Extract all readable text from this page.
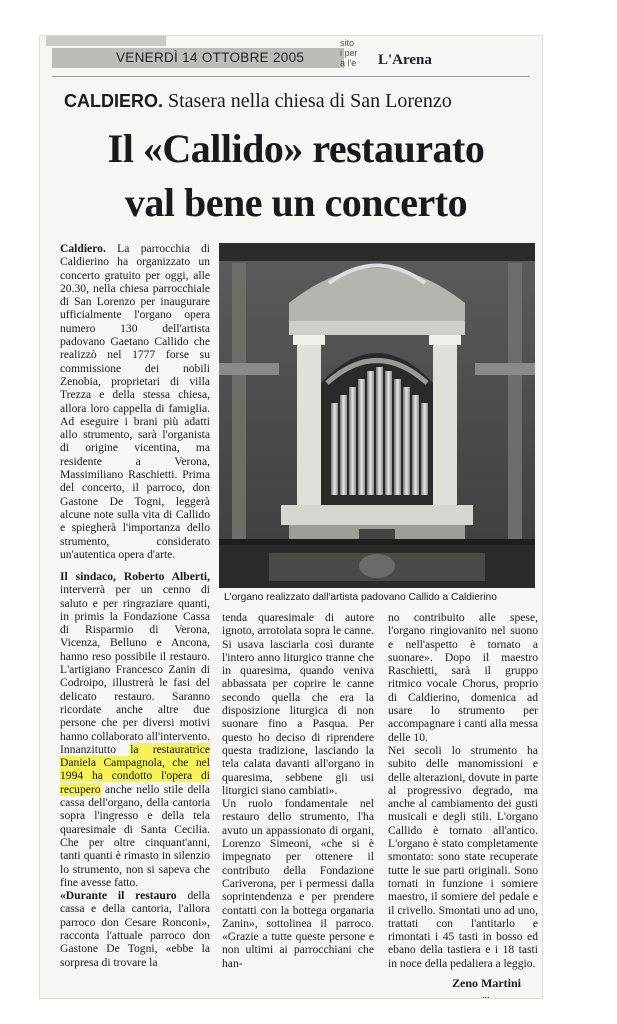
VENERDÌ 14 OTTOBRE 2005
sito
i per
a l'e	L'Arena
CALDIERO. Stasera nella chiesa di San Lorenzo
Il «Callido» restaurato
val bene un concerto

Caldiero. La parrocchia di Caldierino ha organizzato un concerto gratuito per oggi, alle 20.30, nella chiesa parrocchiale di San Lorenzo per inaugurare ufficialmente l'organo opera numero 130 dell'artista padovano Gaetano Callido che realizzò nel 1777 forse su commissione dei nobili Zenobia, proprietari di villa Trezza e della stessa chiesa, allora loro cappella di famiglia. Ad eseguire i brani più adatti allo strumento, sarà l'organista di origine vicentina, ma residente a Verona, Massimiliano Raschietti. Prima del concerto, il parroco, don Gastone De Togni, leggerà alcune note sulla vita di Callido e spiegherà l'importanza dello strumento, considerato un'autentica opera d'arte.

L'organo realizzato dall'artista padovano Callido a Caldierino

Il sindaco, Roberto Alberti, interverrà per un cenno di saluto e per ringraziare quanti, in primis la Fondazione Cassa di Risparmio di Verona, Vicenza, Belluno e Ancona, hanno reso possibile il restauro. L'artigiano Francesco Zanin di Codroipo, illustrerà le fasi del delicato restauro. Saranno ricordate anche altre due persone che per diversi motivi hanno collaborato all'intervento. Innanzitutto la restauratrice Daniela Campagnola, che nel 1994 ha condotto l'opera di recupero anche nello stile della cassa dell'organo, della cantoria sopra l'ingresso e della tela quaresimale di Santa Cecilia. Che per oltre cinquant'anni, tanti quanti è rimasto in silenzio lo strumento, non si sapeva che fine avesse fatto.

«Durante il restauro della cassa e della cantoria, l'allora parroco don Cesare Ronconi», racconta l'attuale parroco don Gastone De Togni, «ebbe la sorpresa di trovare la

tenda quaresimale di autore ignoto, arrotolata sopra le canne. Si usava lasciarla così durante l'intero anno liturgico tranne che in quaresima, quando veniva abbassata per coprire le canne secondo quella che era la disposizione liturgica di non suonare fino a Pasqua. Per questo ho deciso di riprendere questa tradizione, lasciando la tela calata davanti all'organo in quaresima, sebbene gli usi liturgici siano cambiati».

Un ruolo fondamentale nel restauro dello strumento, l'ha avuto un appassionato di organi, Lorenzo Simeoni, «che si è impegnato per ottenere il contributo della Fondazione Cariverona, per i permessi dalla soprintendenza e per prendere contatti con la bottega organaria Zanin», sottolinea il parroco. «Grazie a tutte queste persone e non ultimi ai parrocchiani che han-

no contribuito alle spese, l'organo ringiovanito nel suono e nell'aspetto è tornato a suonare». Dopo il maestro Raschietti, sarà il gruppo ritmico vocale Chorus, proprio di Caldierino, domenica ad usare lo strumento per accompagnare i canti alla messa delle 10.

Nei secoli lo strumento ha subito delle manomissioni e delle alterazioni, dovute in parte al progressivo degrado, ma anche al cambiamento dei gusti musicali e degli stili. L'organo Callido è tornato all'antico. L'organo è stato completamente smontato: sono state recuperate tutte le sue parti originali. Sono tornati in funzione i somiere maestro, il somiere del pedale e il crivello. Smontati uno ad uno, trattati con l'antitarlo e rimontati i 45 tasti in bosso ed ebano della tastiera e i 18 tasti in noce della pedaliera a leggio.

Zeno Martini
...
